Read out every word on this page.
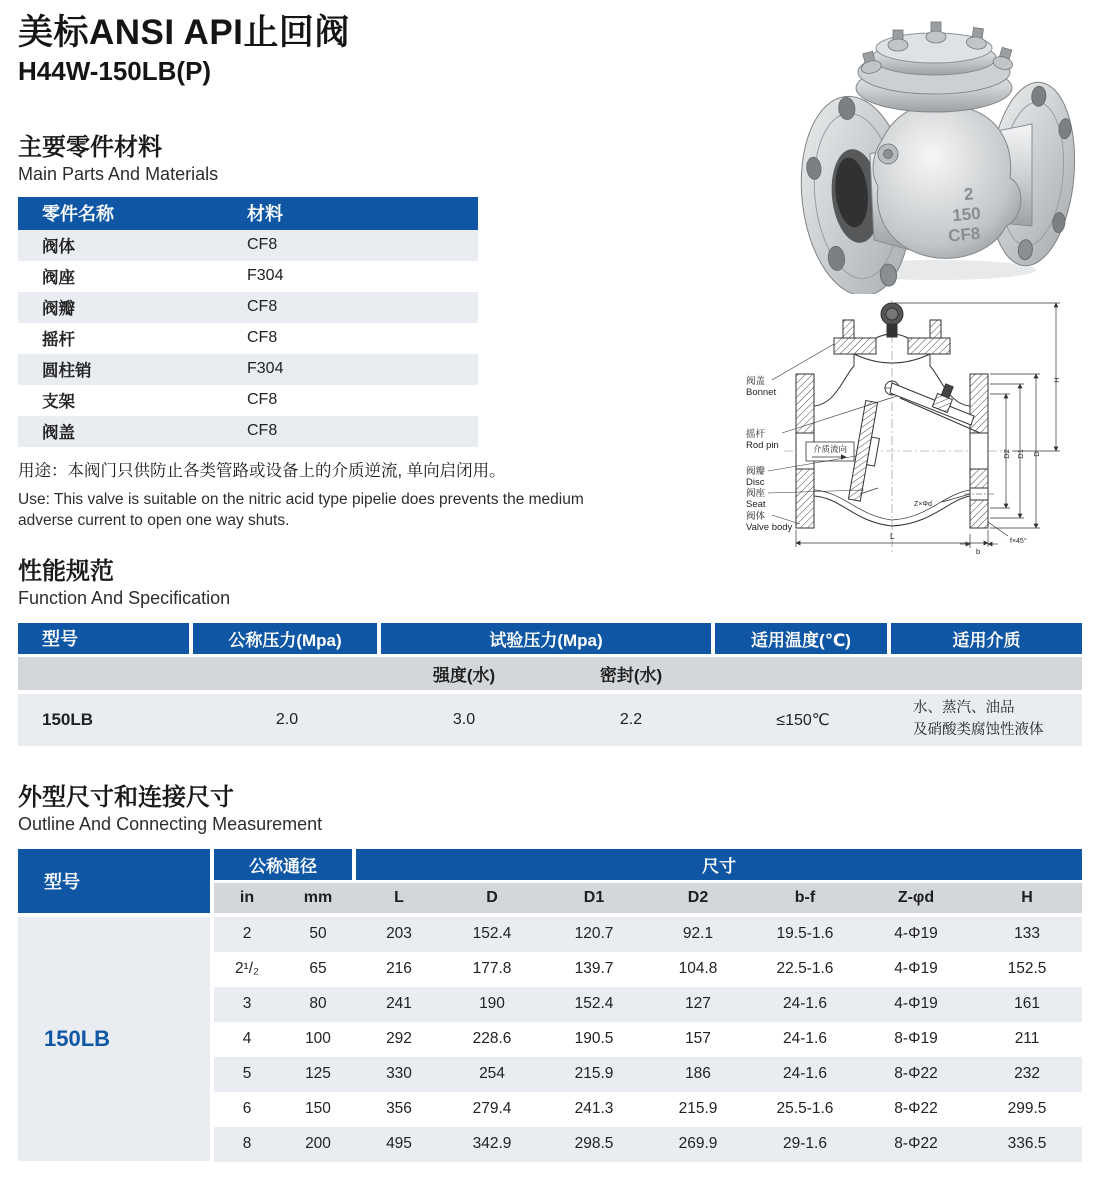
美标ANSI API止回阀
H44W-150LB(P)
2
150
CF8
主要零件材料
Main Parts And Materials
零件名称	材料
阀体	CF8
阀座	F304
阀瓣	CF8
摇杆	CF8
圆柱销	F304
支架	CF8
阀盖	CF8
用途：本阀门只供防止各类管路或设备上的介质逆流, 单向启闭用。
Use: This valve is suitable on the nitric acid type pipelie does prevents the medium adverse current to open one way shuts.
介质流向
阀盖
Bonnet
摇杆
Rod pin
阀瓣
Disc
阀座
Seat
阀体
Valve body
L
D
D1
D2
H
b
f×45°
Z×Φd
性能规范
Function And Specification
型号	公称压力(Mpa)	试验压力(Mpa)		适用温度(℃)	适用介质
		强度(水)	密封(水)		
150LB	2.0	3.0	2.2	≤150℃	水、蒸汽、油品
及硝酸类腐蚀性液体
外型尺寸和连接尺寸
Outline And Connecting Measurement
型号
150LB
公称通径		尺寸						
in	mm	L	D	D1	D2	b-f	Z-φd	H
2	50	203	152.4	120.7	92.1	19.5-1.6	4-Φ19	133
2¹/₂	65	216	177.8	139.7	104.8	22.5-1.6	4-Φ19	152.5
3	80	241	190	152.4	127	24-1.6	4-Φ19	161
4	100	292	228.6	190.5	157	24-1.6	8-Φ19	211
5	125	330	254	215.9	186	24-1.6	8-Φ22	232
6	150	356	279.4	241.3	215.9	25.5-1.6	8-Φ22	299.5
8	200	495	342.9	298.5	269.9	29-1.6	8-Φ22	336.5
